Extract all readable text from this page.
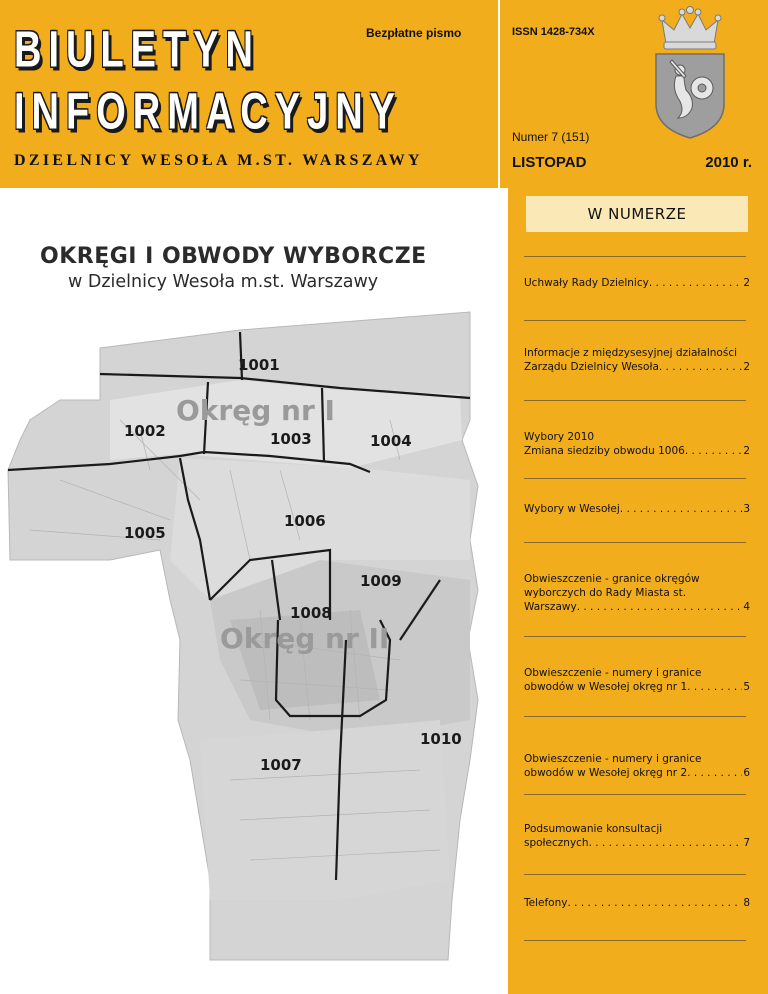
BIULETYN
INFORMACYJNY
DZIELNICY WESOŁA M.ST. WARSZAWY
Bezpłatne pismo	ISSN 1428-734X
Numer 7 (151)
LISTOPAD	2010 r.
OKRĘGI I OBWODY WYBORCZE
w Dzielnicy Wesoła m.st. Warszawy
Okręg nr I
Okręg nr II
1001
1002	1003	1004
1005
1006
1007
1008
1009
1010
W NUMERZE
Uchwały Rady Dzielnicy . . .	2
Informacje z międzysesyjnej działalności
Zarządu Dzielnicy Wesoła . . .	2
Wybory 2010
Zmiana siedziby obwodu 1006 . . .	2
Wybory w Wesołej . . .	3
Obwieszczenie - granice okręgów
wyborczych do Rady Miasta st.
Warszawy . . .	4
Obwieszczenie - numery i granice
obwodów w Wesołej okręg nr 1 . . .	5
Obwieszczenie - numery i granice
obwodów w Wesołej okręg nr 2 . . .	6
Podsumowanie konsultacji
społecznych . . .	7
Telefony . . .	8
